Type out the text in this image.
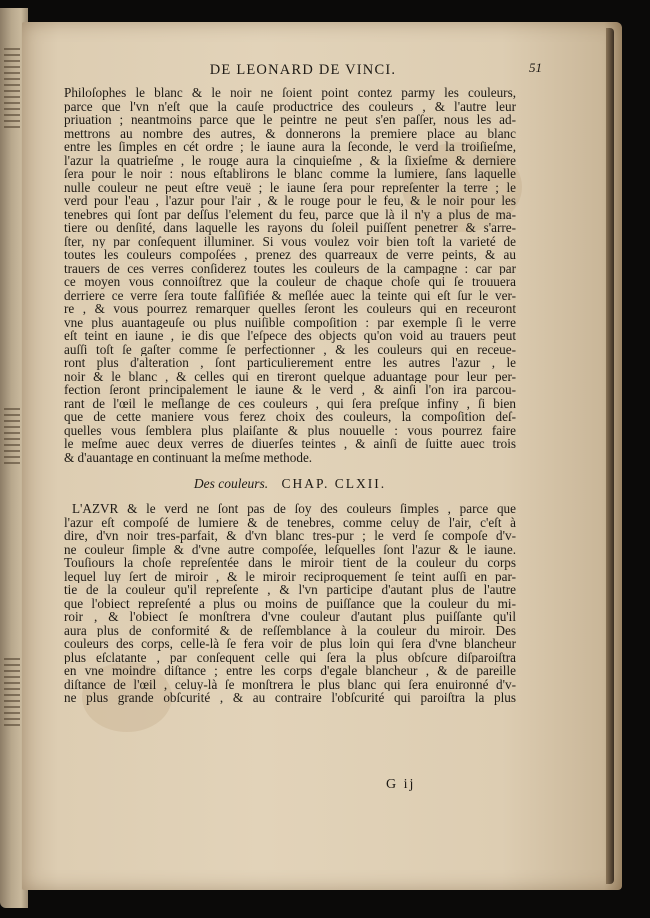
DE LEONARD DE VINCI.	51
Philoſophes le blanc & le noir ne ſoient point contez parmy les couleurs,
parce que l'vn n'eſt que la cauſe productrice des couleurs , & l'autre leur
priuation ; neantmoins parce que le peintre ne peut s'en paſſer, nous les ad-
mettrons au nombre des autres, & donnerons la premiere place au blanc
entre les ſimples en cét ordre ; le iaune aura la ſeconde, le verd la troiſieſme,
l'azur la quatrieſme , le rouge aura la cinquieſme , & la ſixieſme & derniere
ſera pour le noir : nous eſtablirons le blanc comme la lumiere, ſans laquelle
nulle couleur ne peut eſtre veuë ; le iaune ſera pour repreſenter la terre ; le
verd pour l'eau , l'azur pour l'air , & le rouge pour le feu, & le noir pour les
tenebres qui ſont par deſſus l'element du feu, parce que là il n'y a plus de ma-
tiere ou denſité, dans laquelle les rayons du ſoleil puiſſent penetrer & s'arre-
ſter, ny par conſequent illuminer. Si vous voulez voir bien toſt la varieté de
toutes les couleurs compoſées , prenez des quarreaux de verre peints, & au
trauers de ces verres conſiderez toutes les couleurs de la campagne : car par
ce moyen vous connoiſtrez que la couleur de chaque choſe qui ſe trouuera
derriere ce verre ſera toute falſifiée & meſlée auec la teinte qui eſt ſur le ver-
re , & vous pourrez remarquer quelles ſeront les couleurs qui en receuront
vne plus auantageuſe ou plus nuiſible compoſition : par exemple ſi le verre
eſt teint en iaune , ie dis que l'eſpece des objects qu'on void au trauers peut
auſſi toſt ſe gaſter comme ſe perfectionner , & les couleurs qui en receue-
ront plus d'alteration , ſont particulierement entre les autres l'azur , le
noir & le blanc , & celles qui en tireront quelque aduantage pour leur per-
fection ſeront principalement le iaune & le verd , & ainſi l'on ira parcou-
rant de l'œil le meſlange de ces couleurs , qui ſera preſque infiny , ſi bien
que de cette maniere vous ferez choix des couleurs, la compoſition deſ-
quelles vous ſemblera plus plaiſante & plus nouuelle : vous pourrez faire
le meſme auec deux verres de diuerſes teintes , & ainſi de ſuitte auec trois
& d'auantage en continuant la meſme methode.
Des couleurs. CHAP. CLXII.
L'AZVR & le verd ne ſont pas de ſoy des couleurs ſimples , parce que
l'azur eſt compoſé de lumiere & de tenebres, comme celuy de l'air, c'eſt à
dire, d'vn noir tres-parfait, & d'vn blanc tres-pur ; le verd ſe compoſe d'v-
ne couleur ſimple & d'vne autre compoſée, leſquelles ſont l'azur & le iaune.
Touſiours la choſe repreſentée dans le miroir tient de la couleur du corps
lequel luy ſert de miroir , & le miroir reciproquement ſe teint auſſi en par-
tie de la couleur qu'il repreſente , & l'vn participe d'autant plus de l'autre
que l'obiect repreſenté a plus ou moins de puiſſance que la couleur du mi-
roir , & l'obiect ſe monſtrera d'vne couleur d'autant plus puiſſante qu'il
aura plus de conformité & de reſſemblance à la couleur du miroir. Des
couleurs des corps, celle-là ſe fera voir de plus loin qui ſera d'vne blancheur
plus eſclatante , par conſequent celle qui ſera la plus obſcure diſparoiſtra
en vne moindre diſtance ; entre les corps d'egale blancheur , & de pareille
diſtance de l'œil , celuy-là ſe monſtrera le plus blanc qui ſera enuironné d'v-
ne plus grande obſcurité , & au contraire l'obſcurité qui paroiſtra la plus
G ij
